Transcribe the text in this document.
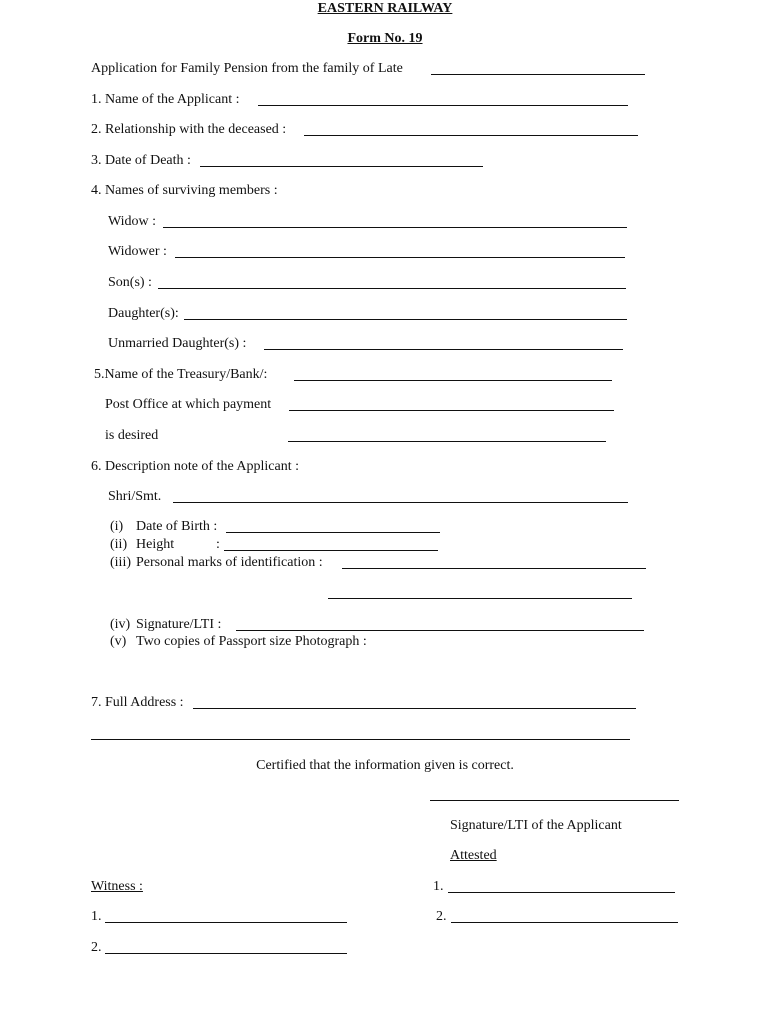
EASTERN RAILWAY
Form No. 19
Application for Family Pension from the family of Late
1. Name of the Applicant :
2. Relationship with the deceased :
3. Date of Death :
4. Names of surviving members :
Widow :
Widower :
Son(s) :
Daughter(s):
Unmarried Daughter(s) :
5.Name of the Treasury/Bank/:
Post Office at which payment
is desired
6. Description note of the Applicant :
Shri/Smt.
(i) Date of Birth :
(ii) Height	:
(iii) Personal marks of identification :
(iv) Signature/LTI :
(v) Two copies of Passport size Photograph :
7. Full Address :
Certified that the information given is correct.
Signature/LTI of the Applicant
Attested
Witness :
1.
2.
1.
2.
